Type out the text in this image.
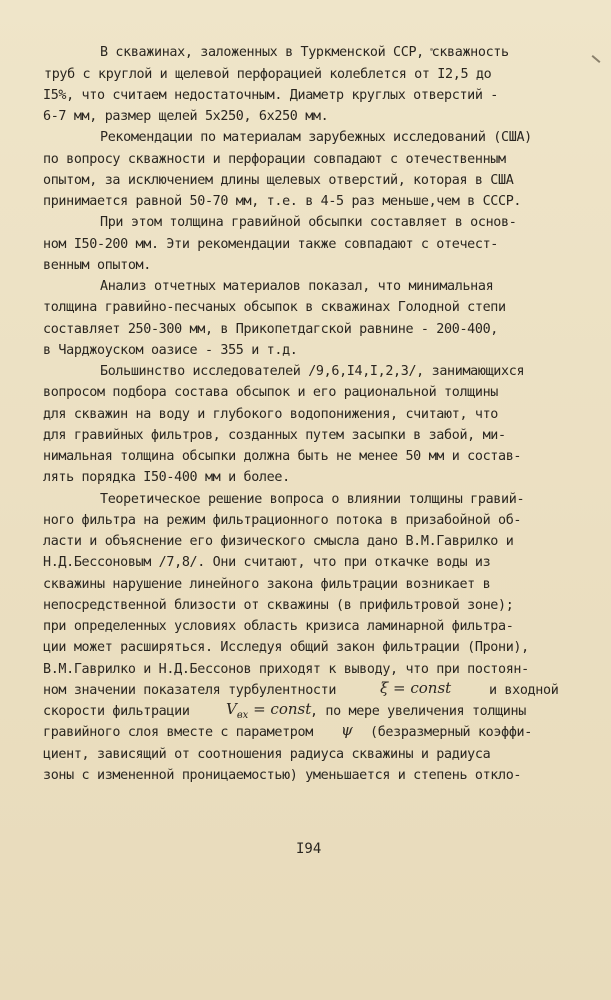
В скважинах, заложенных в Туркменской ССР, скважность
труб с круглой и щелевой перфорацией колеблется от I2,5 до
I5%, что считаем недостаточным. Диаметр круглых отверстий -
6-7 мм, размер щелей 5х250, 6х250 мм.
Рекомендации по материалам зарубежных исследований (США)
по вопросу скважности и перфорации совпадают с отечественным
опытом, за исключением длины щелевых отверстий, которая в США
принимается равной 50-70 мм, т.е. в 4-5 раз меньше,чем в СССР.
При этом толщина гравийной обсыпки составляет в основ-
ном I50-200 мм. Эти рекомендации также совпадают с отечест-
венным опытом.
Анализ отчетных материалов показал, что минимальная
толщина гравийно-песчаных обсыпок в скважинах Голодной степи
составляет 250-300 мм, в Прикопетдагской равнине - 200-400,
в Чарджоуском оазисе - 355 и т.д.
Большинство исследователей /9,6,I4,I,2,3/, занимающихся
вопросом подбора состава обсыпок и его рациональной толщины
для скважин на воду и глубокого водопонижения, считают, что
для гравийных фильтров, созданных путем засыпки в забой, ми-
нимальная толщина обсыпки должна быть не менее 50 мм и состав-
лять порядка I50-400 мм и более.
Теоретическое решение вопроса о влиянии толщины гравий-
ного фильтра на режим фильтрационного потока в призабойной об-
ласти и объяснение его физического смысла дано В.М.Гаврилко и
Н.Д.Бессоновым /7,8/. Они считают, что при откачке воды из
скважины нарушение линейного закона фильтрации возникает в
непосредственной близости от скважины (в прифильтровой зоне);
при определенных условиях область кризиса ламинарной фильтра-
ции может расширяться. Исследуя общий закон фильтрации (Прони),
В.М.Гаврилко и Н.Д.Бессонов приходят к выводу, что при постоян-
ном значении показателя турбулентности	ξ = const	и входной
скорости фильтрации $V_{вх}$ = const
, по мере увеличения толщины
гравийного слоя вместе с параметром ψ (безразмерный коэффи-
циент, зависящий от соотношения радиуса скважины и радиуса
зоны с измененной проницаемостью) уменьшается и степень откло-
I94
